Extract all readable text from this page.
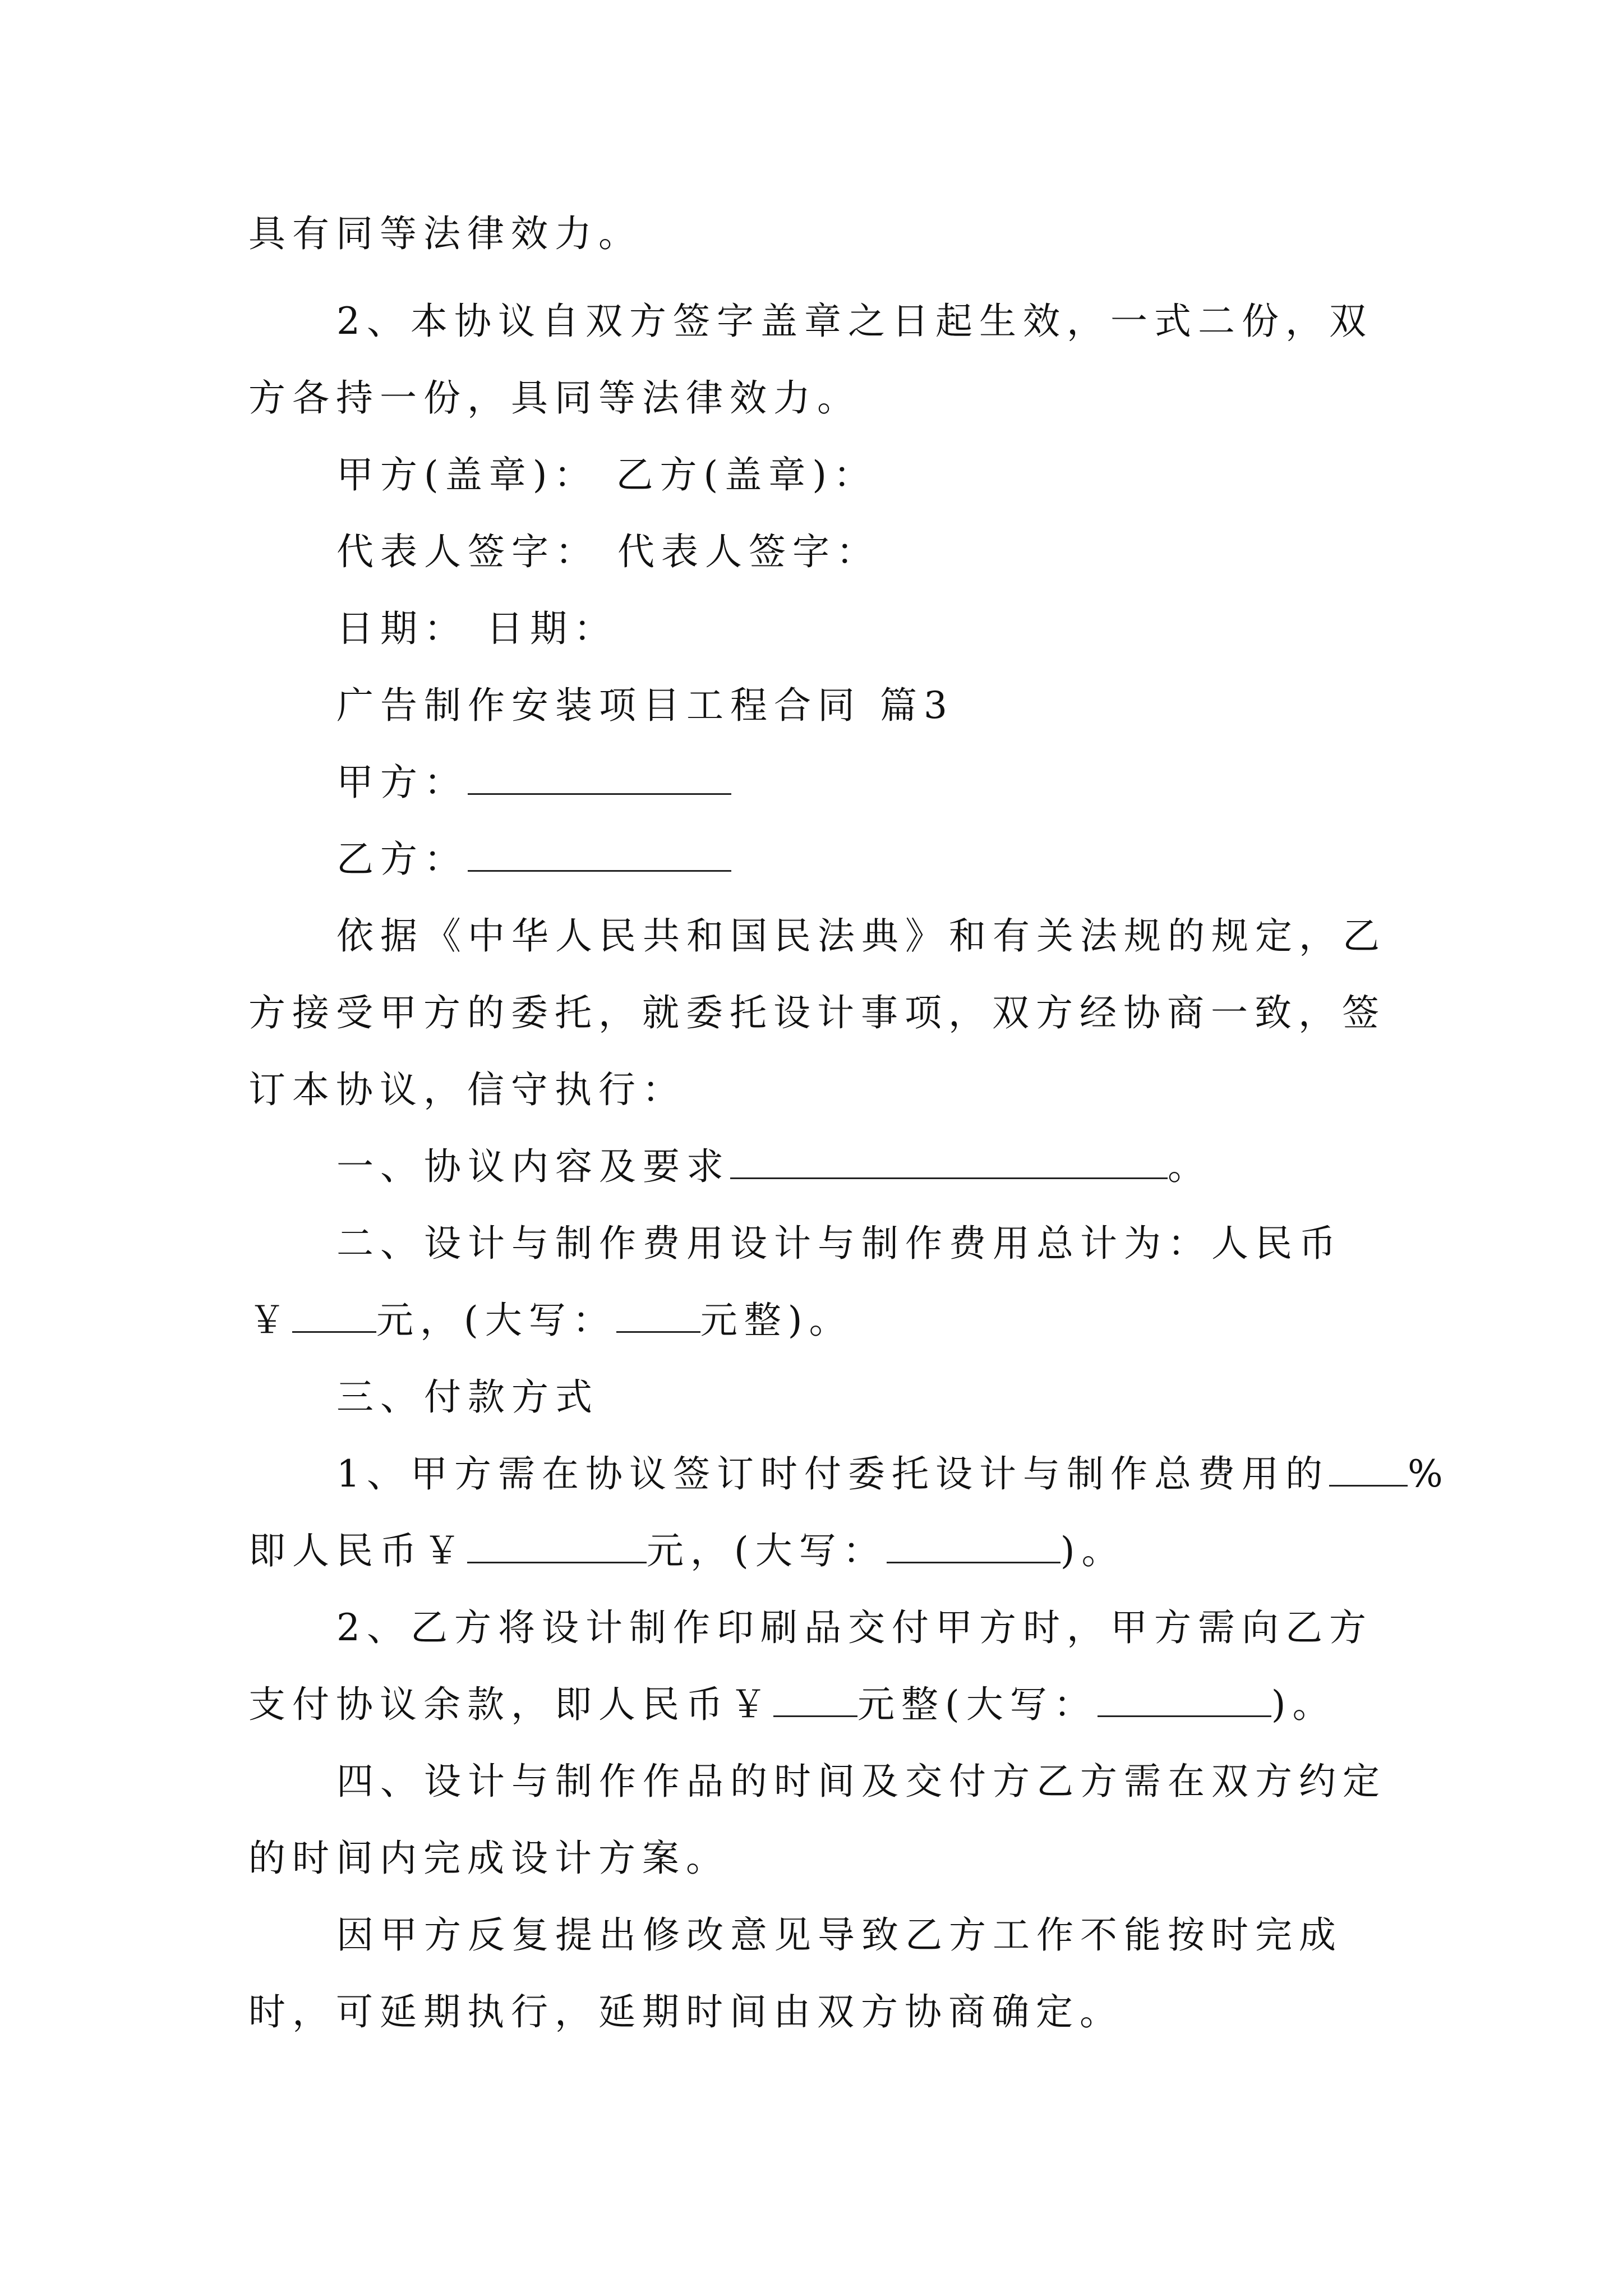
具有同等法律效力。
2、本协议自双方签字盖章之日起生效，一式二份，双
方各持一份，具同等法律效力。
甲方(盖章)： 乙方(盖章)：
代表人签字： 代表人签字：
日期： 日期：
广告制作安装项目工程合同 篇3
甲方：
乙方：
依据《中华人民共和国民法典》和有关法规的规定，乙
方接受甲方的委托，就委托设计事项，双方经协商一致，签
订本协议，信守执行：
一、协议内容及要求	。
二、设计与制作费用设计与制作费用总计为：人民币
￥ 元，(大写： 元整)。
三、付款方式
1、甲方需在协议签订时付委托设计与制作总费用的 %
即人民币￥	元，(大写：	)。
2、乙方将设计制作印刷品交付甲方时，甲方需向乙方
支付协议余款，即人民币￥ 元整(大写：	)。
四、设计与制作作品的时间及交付方乙方需在双方约定
的时间内完成设计方案。
因甲方反复提出修改意见导致乙方工作不能按时完成
时，可延期执行，延期时间由双方协商确定。
